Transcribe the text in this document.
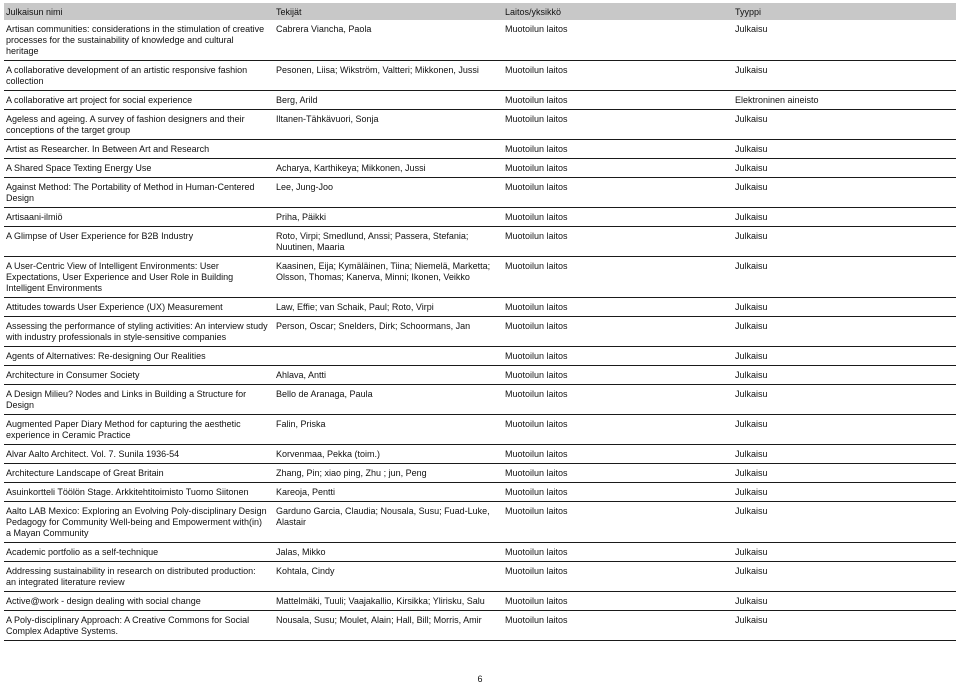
Julkaisun nimi	Tekijät	Laitos/yksikkö	Tyyppi
Artisan communities: considerations in the stimulation of creative processes for the sustainability of knowledge and cultural heritage	Cabrera Viancha, Paola	Muotoilun laitos	Julkaisu
A collaborative development of an artistic responsive fashion collection	Pesonen, Liisa; Wikström, Valtteri; Mikkonen, Jussi	Muotoilun laitos	Julkaisu
A collaborative art project for social experience	Berg, Arild	Muotoilun laitos	Elektroninen aineisto
Ageless and ageing. A survey of fashion designers and their conceptions of the target group	Iltanen-Tähkävuori, Sonja	Muotoilun laitos	Julkaisu
Artist as Researcher. In Between Art and Research		Muotoilun laitos	Julkaisu
A Shared Space Texting Energy Use	Acharya, Karthikeya; Mikkonen, Jussi	Muotoilun laitos	Julkaisu
Against Method: The Portability of Method in Human-Centered Design	Lee, Jung-Joo	Muotoilun laitos	Julkaisu
Artisaani-ilmiö	Priha, Päikki	Muotoilun laitos	Julkaisu
A Glimpse of User Experience for B2B Industry	Roto, Virpi; Smedlund, Anssi; Passera, Stefania; Nuutinen, Maaria	Muotoilun laitos	Julkaisu
A User-Centric View of Intelligent Environments: User Expectations, User Experience and User Role in Building Intelligent Environments	Kaasinen, Eija; Kymäläinen, Tiina; Niemelä, Marketta; Olsson, Thomas; Kanerva, Minni; Ikonen, Veikko	Muotoilun laitos	Julkaisu
Attitudes towards User Experience (UX) Measurement	Law, Effie; van Schaik, Paul; Roto, Virpi	Muotoilun laitos	Julkaisu
Assessing the performance of styling activities: An interview study with industry professionals in style-sensitive companies	Person, Oscar; Snelders, Dirk; Schoormans, Jan	Muotoilun laitos	Julkaisu
Agents of Alternatives: Re-designing Our Realities		Muotoilun laitos	Julkaisu
Architecture in Consumer Society	Ahlava, Antti	Muotoilun laitos	Julkaisu
A Design Milieu? Nodes and Links in Building a Structure for Design	Bello de Aranaga, Paula	Muotoilun laitos	Julkaisu
Augmented Paper Diary Method for capturing the aesthetic experience in Ceramic Practice	Falin, Priska	Muotoilun laitos	Julkaisu
Alvar Aalto Architect. Vol. 7. Sunila 1936-54	Korvenmaa, Pekka (toim.)	Muotoilun laitos	Julkaisu
Architecture Landscape of Great Britain	Zhang, Pin; xiao ping, Zhu ; jun, Peng	Muotoilun laitos	Julkaisu
Asuinkortteli Töölön Stage. Arkkitehtitoimisto Tuomo Siitonen	Kareoja, Pentti	Muotoilun laitos	Julkaisu
Aalto LAB Mexico: Exploring an Evolving Poly-disciplinary Design Pedagogy for Community Well-being and Empowerment with(in) a Mayan Community	Garduno Garcia, Claudia; Nousala, Susu; Fuad-Luke, Alastair	Muotoilun laitos	Julkaisu
Academic portfolio as a self-technique	Jalas, Mikko	Muotoilun laitos	Julkaisu
Addressing sustainability in research on distributed production: an integrated literature review	Kohtala, Cindy	Muotoilun laitos	Julkaisu
Active@work - design dealing with social change	Mattelmäki, Tuuli; Vaajakallio, Kirsikka; Ylirisku, Salu	Muotoilun laitos	Julkaisu
A Poly-disciplinary Approach: A Creative Commons for Social Complex Adaptive Systems.	Nousala, Susu; Moulet, Alain; Hall, Bill; Morris, Amir	Muotoilun laitos	Julkaisu
6
